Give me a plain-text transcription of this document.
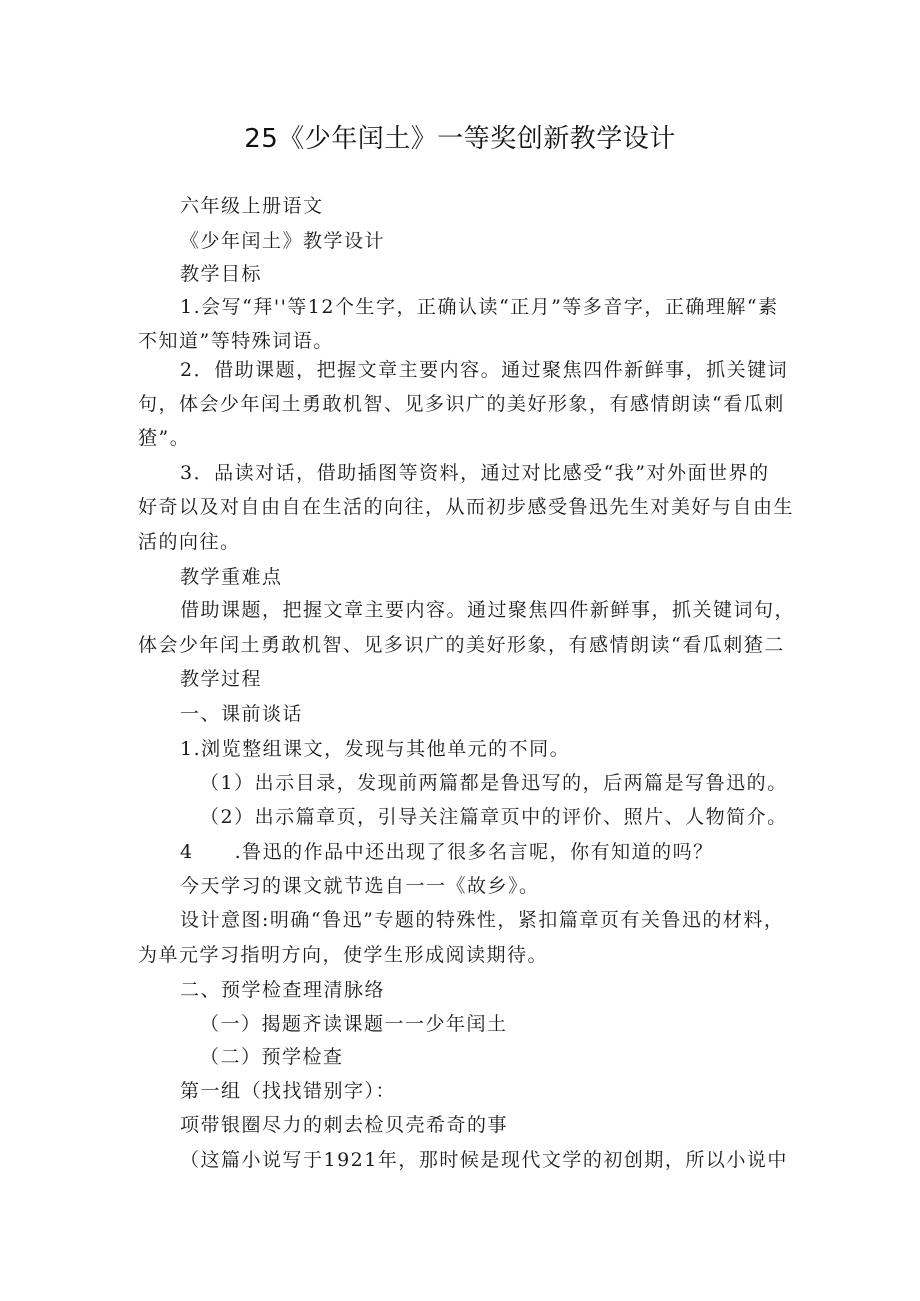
25《少年闰土》一等奖创新教学设计
六年级上册语文
《少年闰土》教学设计
教学目标
1.会写“拜''等12个生字，正确认读“正月”等多音字，正确理解“素
不知道”等特殊词语。
2．借助课题，把握文章主要内容。通过聚焦四件新鲜事，抓关键词
句，体会少年闰土勇敢机智、见多识广的美好形象，有感情朗读“看瓜刺
猹”。
3．品读对话，借助插图等资料，通过对比感受“我”对外面世界的
好奇以及对自由自在生活的向往，从而初步感受鲁迅先生对美好与自由生
活的向往。
教学重难点
借助课题，把握文章主要内容。通过聚焦四件新鲜事，抓关键词句，
体会少年闰土勇敢机智、见多识广的美好形象，有感情朗读“看瓜刺猹二
教学过程
一、课前谈话
1.浏览整组课文，发现与其他单元的不同。
（1）出示目录，发现前两篇都是鲁迅写的，后两篇是写鲁迅的。
（2）出示篇章页，引导关注篇章页中的评价、照片、人物简介。
4　　.鲁迅的作品中还出现了很多名言呢，你有知道的吗？
今天学习的课文就节选自一一《故乡》。
设计意图:明确“鲁迅”专题的特殊性，紧扣篇章页有关鲁迅的材料，
为单元学习指明方向，使学生形成阅读期待。
二、预学检查理清脉络
（一）揭题齐读课题一一少年闰土
（二）预学检查
第一组（找找错别字）：
项带银圈尽力的刺去检贝壳希奇的事
（这篇小说写于1921年，那时候是现代文学的初创期，所以小说中
